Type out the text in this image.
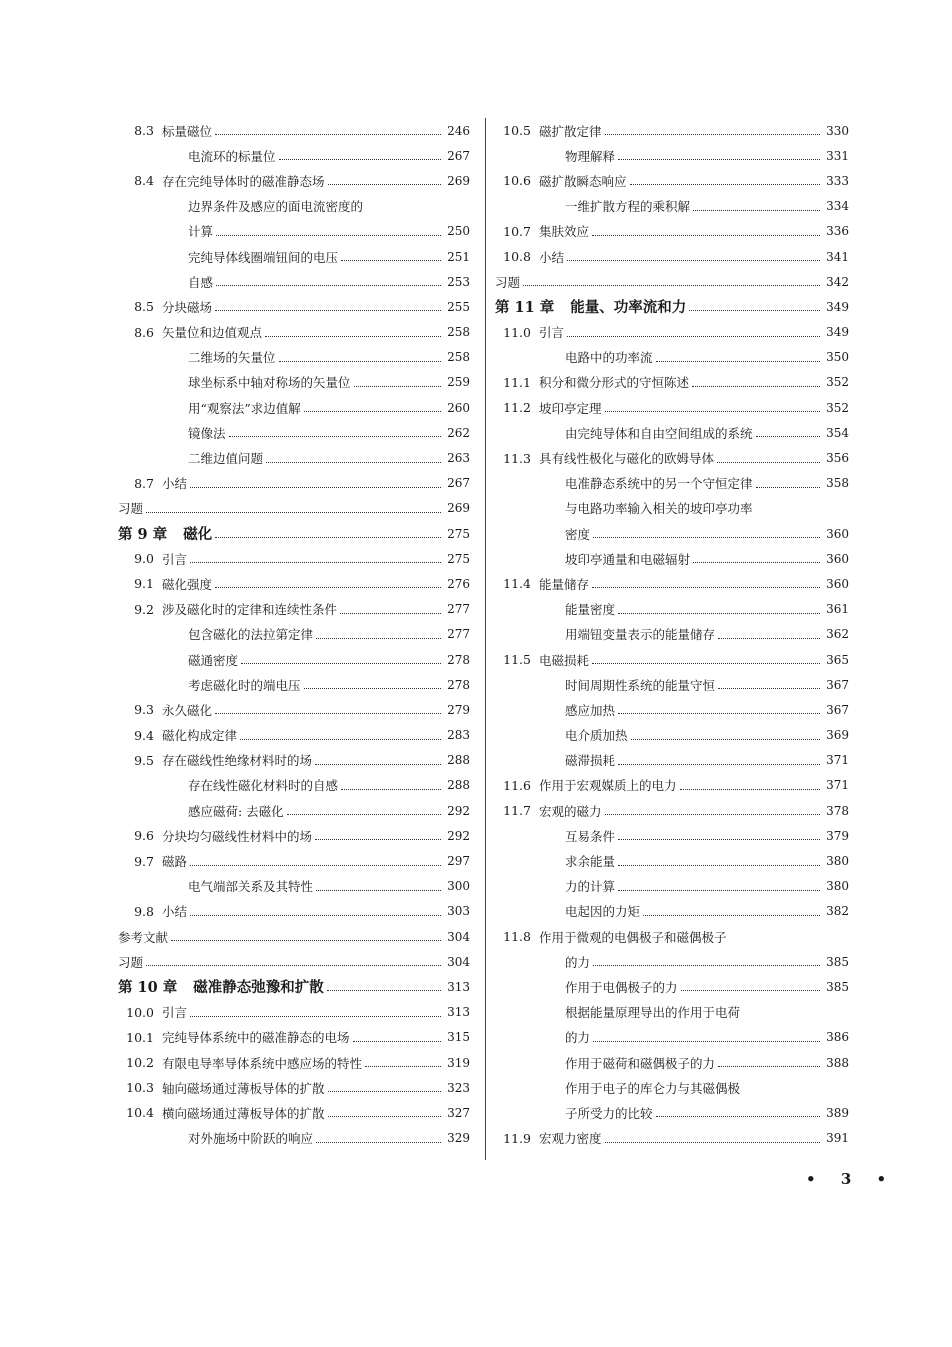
8.3 标量磁位	246
电流环的标量位	267
8.4 存在完纯导体时的磁准静态场	269
边界条件及感应的面电流密度的
计算	250
完纯导体线圈端钮间的电压	251
自感	253
8.5 分块磁场	255
8.6 矢量位和边值观点	258
二维场的矢量位	258
球坐标系中轴对称场的矢量位	259
用“观察法”求边值解	260
镜像法	262
二维边值问题	263
8.7 小结	267
习题	269
第 9 章	磁化	275
9.0 引言	275
9.1 磁化强度	276
9.2 涉及磁化时的定律和连续性条件	277
包含磁化的法拉第定律	277
磁通密度	278
考虑磁化时的端电压	278
9.3 永久磁化	279
9.4 磁化构成定律	283
9.5 存在磁线性绝缘材料时的场	288
存在线性磁化材料时的自感	288
感应磁荷: 去磁化	292
9.6 分块均匀磁线性材料中的场	292
9.7 磁路	297
电气端部关系及其特性	300
9.8 小结	303
参考文献	304
习题	304
第 10 章	磁准静态弛豫和扩散	313
10.0 引言	313
10.1 完纯导体系统中的磁准静态的电场	315
10.2 有限电导率导体系统中感应场的特性	319
10.3 轴向磁场通过薄板导体的扩散	323
10.4 横向磁场通过薄板导体的扩散	327
对外施场中阶跃的响应	329
10.5 磁扩散定律	330
物理解释	331
10.6 磁扩散瞬态响应	333
一维扩散方程的乘积解	334
10.7 集肤效应	336
10.8 小结	341
习题	342
第 11 章	能量、功率流和力	349
11.0 引言	349
电路中的功率流	350
11.1 积分和微分形式的守恒陈述	352
11.2 坡印亭定理	352
由完纯导体和自由空间组成的系统	354
11.3 具有线性极化与磁化的欧姆导体	356
电准静态系统中的另一个守恒定律	358
与电路功率输入相关的坡印亭功率
密度	360
坡印亭通量和电磁辐射	360
11.4 能量储存	360
能量密度	361
用端钮变量表示的能量储存	362
11.5 电磁损耗	365
时间周期性系统的能量守恒	367
感应加热	367
电介质加热	369
磁滞损耗	371
11.6 作用于宏观媒质上的电力	371
11.7 宏观的磁力	378
互易条件	379
求余能量	380
力的计算	380
电起因的力矩	382
11.8 作用于微观的电偶极子和磁偶极子
的力	385
作用于电偶极子的力	385
根据能量原理导出的作用于电荷
的力	386
作用于磁荷和磁偶极子的力	388
作用于电子的库仑力与其磁偶极
子所受力的比较	389
11.9 宏观力密度	391
• 3 •
